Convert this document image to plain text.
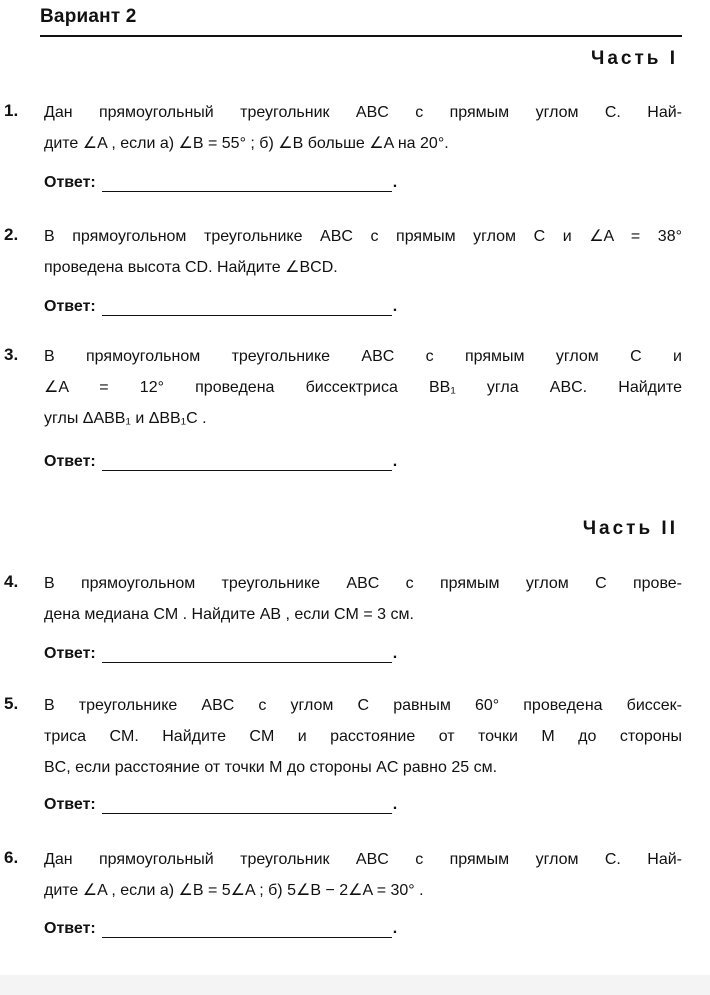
Вариант 2
Часть I
1. Дан прямоугольный треугольник ABC с прямым углом C. Най-
дите ∠A , если а) ∠B = 55° ; б) ∠B больше ∠A на 20°.
Ответ:	.
2. В прямоугольном треугольнике ABC с прямым углом C и ∠A = 38°
проведена высота CD. Найдите ∠BCD.
Ответ:	.
3. В прямоугольном треугольнике ABC с прямым углом C и
∠A = 12° проведена биссектриса BB₁ угла ABC. Найдите
углы ΔABB₁ и ΔBB₁C .
Ответ:	.
Часть II
4. В прямоугольном треугольнике ABC с прямым углом C прове-
дена медиана CM . Найдите AB , если CM = 3 см.
Ответ:	.
5. В треугольнике ABC с углом C равным 60° проведена биссек-
триса CM. Найдите CM и расстояние от точки M до стороны
BC, если расстояние от точки M до стороны AC равно 25 см.
Ответ:	.
6. Дан прямоугольный треугольник ABC с прямым углом C. Най-
дите ∠A , если а) ∠B = 5∠A ; б) 5∠B − 2∠A = 30° .
Ответ:	.
